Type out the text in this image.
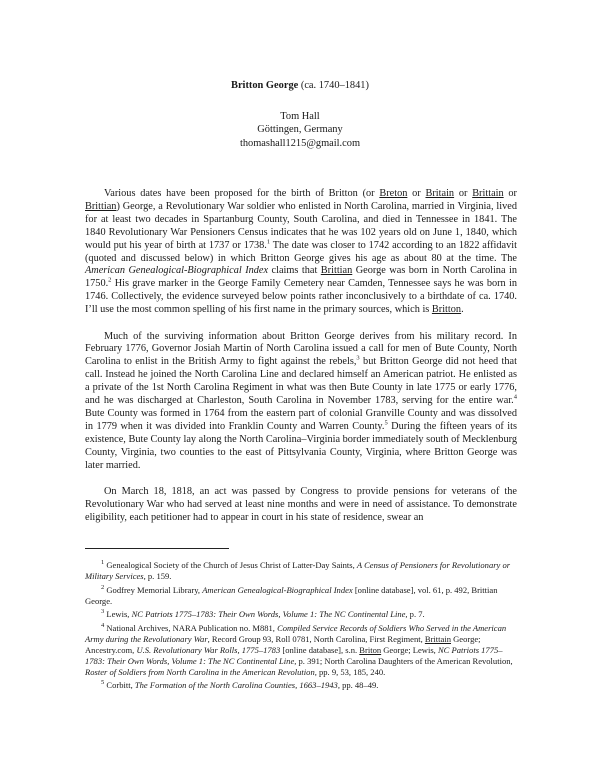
Britton George (ca. 1740–1841)
Tom Hall
Göttingen, Germany
thomashall1215@gmail.com

Various dates have been proposed for the birth of Britton (or Breton or Britain or Brittain or Brittian) George, a Revolutionary War soldier who enlisted in North Carolina, married in Virginia, lived for at least two decades in Spartanburg County, South Carolina, and died in Tennessee in 1841. The 1840 Revolutionary War Pensioners Census indicates that he was 102 years old on June 1, 1840, which would put his year of birth at 1737 or 1738.$^1$ The date was closer to 1742 according to an 1822 affidavit (quoted and discussed below) in which Britton George gives his age as about 80 at the time. The American Genealogical-Biographical Index claims that Brittian George was born in North Carolina in 1750.$^2$ His grave marker in the George Family Cemetery near Camden, Tennessee says he was born in 1746. Collectively, the evidence surveyed below points rather inconclusively to a birthdate of ca. 1740. I’ll use the most common spelling of his first name in the primary sources, which is Britton.

Much of the surviving information about Britton George derives from his military record. In February 1776, Governor Josiah Martin of North Carolina issued a call for men of Bute County, North Carolina to enlist in the British Army to fight against the rebels,$^3$ but Britton George did not heed that call. Instead he joined the North Carolina Line and declared himself an American patriot. He enlisted as a private of the 1st North Carolina Regiment in what was then Bute County in late 1775 or early 1776, and he was discharged at Charleston, South Carolina in November 1783, serving for the entire war.$^4$ Bute County was formed in 1764 from the eastern part of colonial Granville County and was dissolved in 1779 when it was divided into Franklin County and Warren County.$^5$ During the fifteen years of its existence, Bute County lay along the North Carolina–Virginia border immediately south of Mecklenburg County, Virginia, two counties to the east of Pittsylvania County, Virginia, where Britton George was later married.

On March 18, 1818, an act was passed by Congress to provide pensions for veterans of the Revolutionary War who had served at least nine months and were in need of assistance. To demonstrate eligibility, each petitioner had to appear in court in his state of residence, swear an

$^1$ Genealogical Society of the Church of Jesus Christ of Latter-Day Saints, A Census of Pensioners for Revolutionary or Military Services, p. 159.

$^2$ Godfrey Memorial Library, American Genealogical-Biographical Index [online database], vol. 61, p. 492, Brittian George.

$^3$ Lewis, NC Patriots 1775–1783: Their Own Words, Volume 1: The NC Continental Line, p. 7.

$^4$ National Archives, NARA Publication no. M881, Compiled Service Records of Soldiers Who Served in the American Army during the Revolutionary War, Record Group 93, Roll 0781, North Carolina, First Regiment, Brittain George; Ancestry.com, U.S. Revolutionary War Rolls, 1775–1783 [online database], s.n. Briton George; Lewis, NC Patriots 1775–1783: Their Own Words, Volume 1: The NC Continental Line, p. 391; North Carolina Daughters of the American Revolution, Roster of Soldiers from North Carolina in the American Revolution, pp. 9, 53, 185, 240.

$^5$ Corbitt, The Formation of the North Carolina Counties, 1663–1943, pp. 48–49.
